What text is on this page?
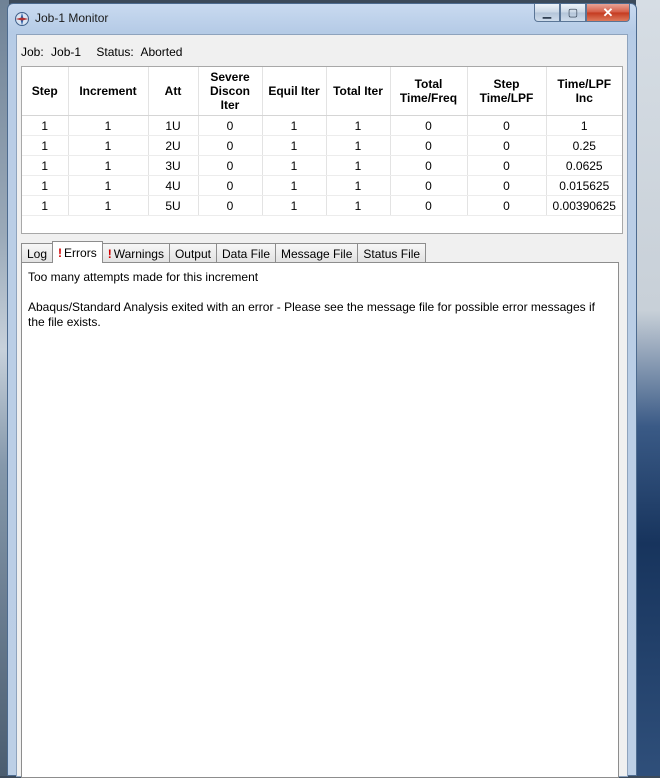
Job-1 Monitor	▁ ▢ ✕
Job: Job-1 Status: Aborted
Step	Increment	Att	Severe Discon Iter	Equil Iter	Total Iter	Total Time/Freq	Step Time/LPF	Time/LPF Inc
1	1	1U	0	1	1	0	0	1
1	1	2U	0	1	1	0	0	0.25
1	1	3U	0	1	1	0	0	0.0625
1	1	4U	0	1	1	0	0	0.015625
1	1	5U	0	1	1	0	0	0.00390625
Log ! Errors ! Warnings Output Data File Message File Status File

Too many attempts made for this increment

Abaqus/Standard Analysis exited with an error - Please see the message file for possible error messages if the file exists.
